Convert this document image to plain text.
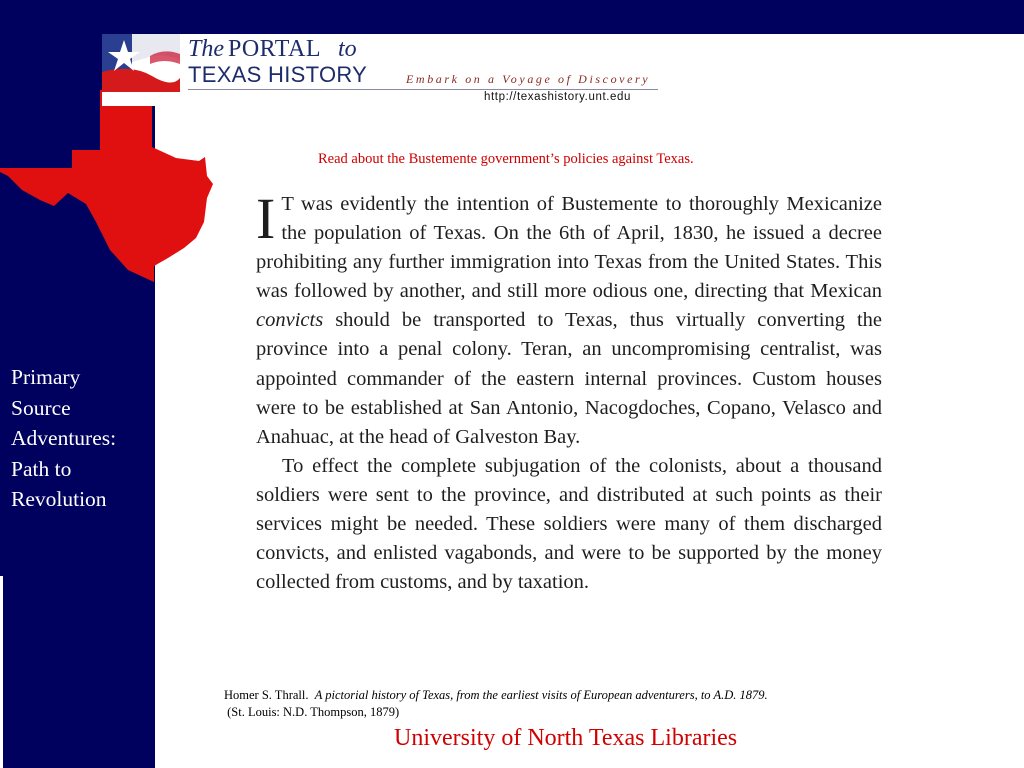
The PORTAL to
TEXAS HISTORY	Embark on a Voyage of Discovery
http://texashistory.unt.edu
Primary
Source
Adventures:
Path to
Revolution
Read about the Bustemente government’s policies against Texas.

I T was evidently the intention of Bustemente to thoroughly Mexicanize the population of Texas. On the 6th of April, 1830, he issued a decree prohibiting any further immigration into Texas from the United States. This was followed by another, and still more odious one, directing that Mexican convicts should be transported to Texas, thus virtually converting the province into a penal colony. Teran, an uncompromising centralist, was appointed commander of the eastern internal provinces. Custom houses were to be established at San Antonio, Nacogdoches, Copano, Velasco and Anahuac, at the head of Galveston Bay.

To effect the complete subjugation of the colonists, about a thousand soldiers were sent to the province, and distributed at such points as their services might be needed. These soldiers were many of them discharged convicts, and enlisted vagabonds, and were to be supported by the money collected from customs, and by taxation.

Homer S. Thrall. A pictorial history of Texas, from the earliest visits of European adventurers, to A.D. 1879.
(St. Louis: N.D. Thompson, 1879)
University of North Texas Libraries
